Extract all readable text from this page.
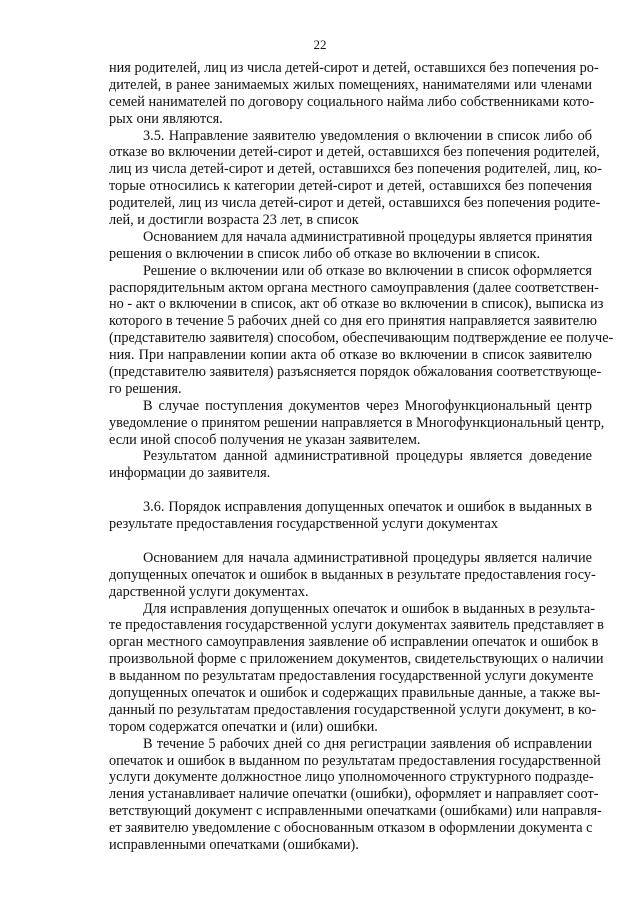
22
ния родителей, лиц из числа детей-сирот и детей, оставшихся без попечения ро-
дителей, в ранее занимаемых жилых помещениях, нанимателями или членами
семей нанимателей по договору социального найма либо собственниками кото-
рых они являются.
3.5. Направление заявителю уведомления о включении в список либо об
отказе во включении детей-сирот и детей, оставшихся без попечения родителей,
лиц из числа детей-сирот и детей, оставшихся без попечения родителей, лиц, ко-
торые относились к категории детей-сирот и детей, оставшихся без попечения
родителей, лиц из числа детей-сирот и детей, оставшихся без попечения родите-
лей, и достигли возраста 23 лет, в список
Основанием для начала административной процедуры является принятия
решения о включении в список либо об отказе во включении в список.
Решение о включении или об отказе во включении в список оформляется
распорядительным актом органа местного самоуправления (далее соответствен-
но - акт о включении в список, акт об отказе во включении в список), выписка из
которого в течение 5 рабочих дней со дня его принятия направляется заявителю
(представителю заявителя) способом, обеспечивающим подтверждение ее получе-
ния. При направлении копии акта об отказе во включении в список заявителю
(представителю заявителя) разъясняется порядок обжалования соответствующе-
го решения.
В случае поступления документов через Многофункциональный центр
уведомление о принятом решении направляется в Многофункциональный центр,
если иной способ получения не указан заявителем.
Результатом данной административной процедуры является доведение
информации до заявителя.
3.6. Порядок исправления допущенных опечаток и ошибок в выданных в
результате предоставления государственной услуги документах
Основанием для начала административной процедуры является наличие
допущенных опечаток и ошибок в выданных в результате предоставления госу-
дарственной услуги документах.
Для исправления допущенных опечаток и ошибок в выданных в результа-
те предоставления государственной услуги документах заявитель представляет в
орган местного самоуправления заявление об исправлении опечаток и ошибок в
произвольной форме с приложением документов, свидетельствующих о наличии
в выданном по результатам предоставления государственной услуги документе
допущенных опечаток и ошибок и содержащих правильные данные, а также вы-
данный по результатам предоставления государственной услуги документ, в ко-
тором содержатся опечатки и (или) ошибки.
В течение 5 рабочих дней со дня регистрации заявления об исправлении
опечаток и ошибок в выданном по результатам предоставления государственной
услуги документе должностное лицо уполномоченного структурного подразде-
ления устанавливает наличие опечатки (ошибки), оформляет и направляет соот-
ветствующий документ с исправленными опечатками (ошибками) или направля-
ет заявителю уведомление с обоснованным отказом в оформлении документа с
исправленными опечатками (ошибками).
